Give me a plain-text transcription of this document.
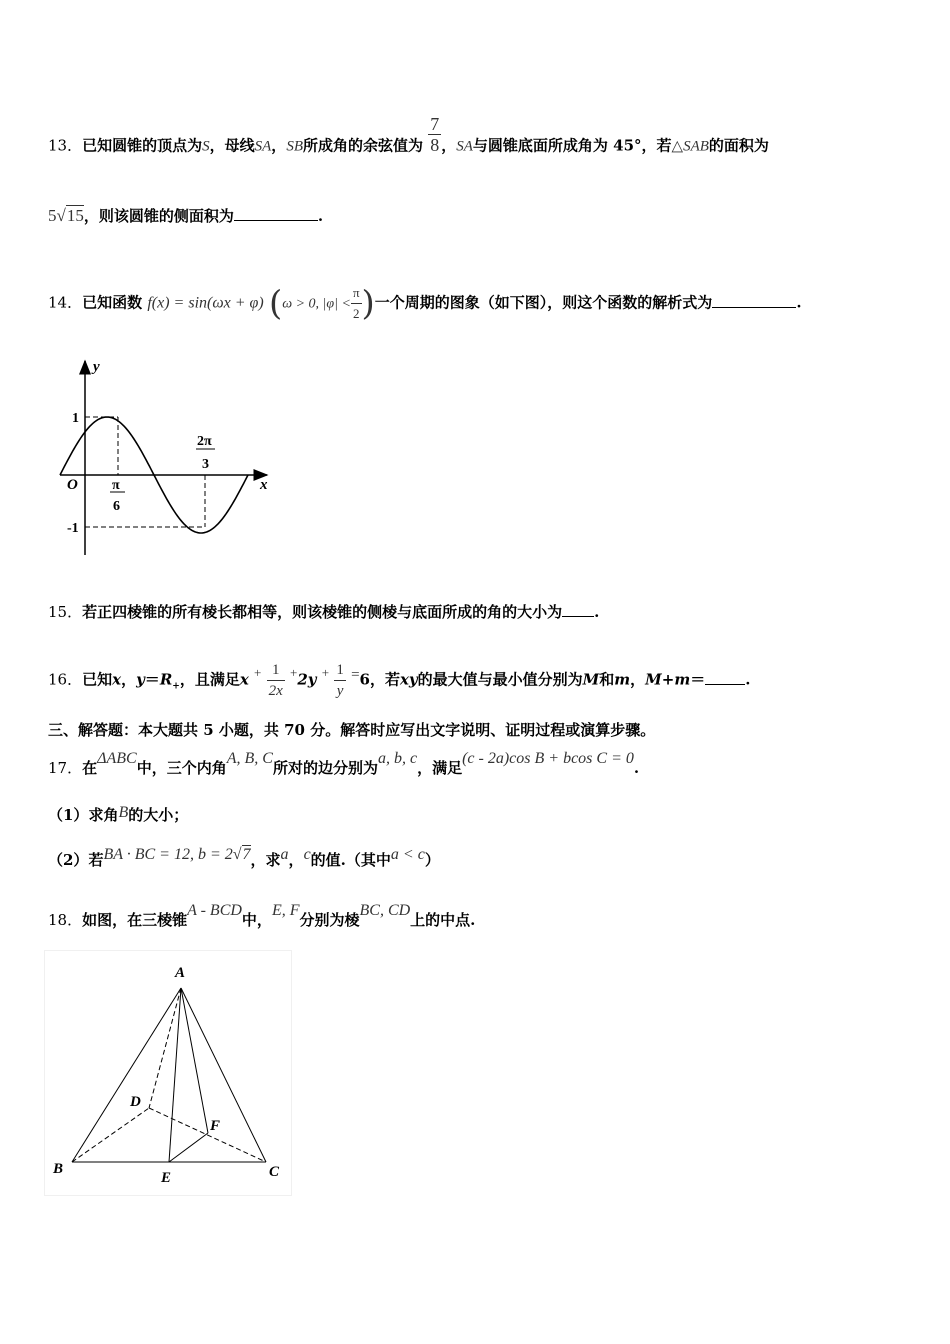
13．已知圆锥的顶点为S，母线SA，SB所成角的余弦值为 $\frac{7}{8}$ ，SA与圆锥底面所成角为 45°，若△SAB的面积为
5√15，则该圆锥的侧面积为	.
14．已知函数 f(x) = sin(ωx + φ) (ω > 0, $|\varphi| < \frac{\pi}{2}$ )一个周期的图象（如下图），则这个函数的解析式为	.
y
x
O
1
-1
π
6
2π
3
15．若正四棱锥的所有棱长都相等，则该棱锥的侧棱与底面所成的角的大小为 .
16．已知x，$y=R_+$，且满足$x + \frac{1}{2x} +2y + \frac{1}{y} =6$，若xy的最大值与最小值分别为M和m，M+m＝	.
三、解答题：本大题共 5 小题，共 70 分。解答时应写出文字说明、证明过程或演算步骤。
17．在ΔABC中，三个内角A, B, C所对的边分别为a, b, c，满足(c - 2a)cos B + bcos C = 0.
（1）求角B的大小；
（2）若BA · BC = 12, b = 2√7，求a，c的值.（其中a < c）
18．如图，在三棱锥A - BCD中，E, F分别为棱BC, CD上的中点.
A
B	C
D
E
F
